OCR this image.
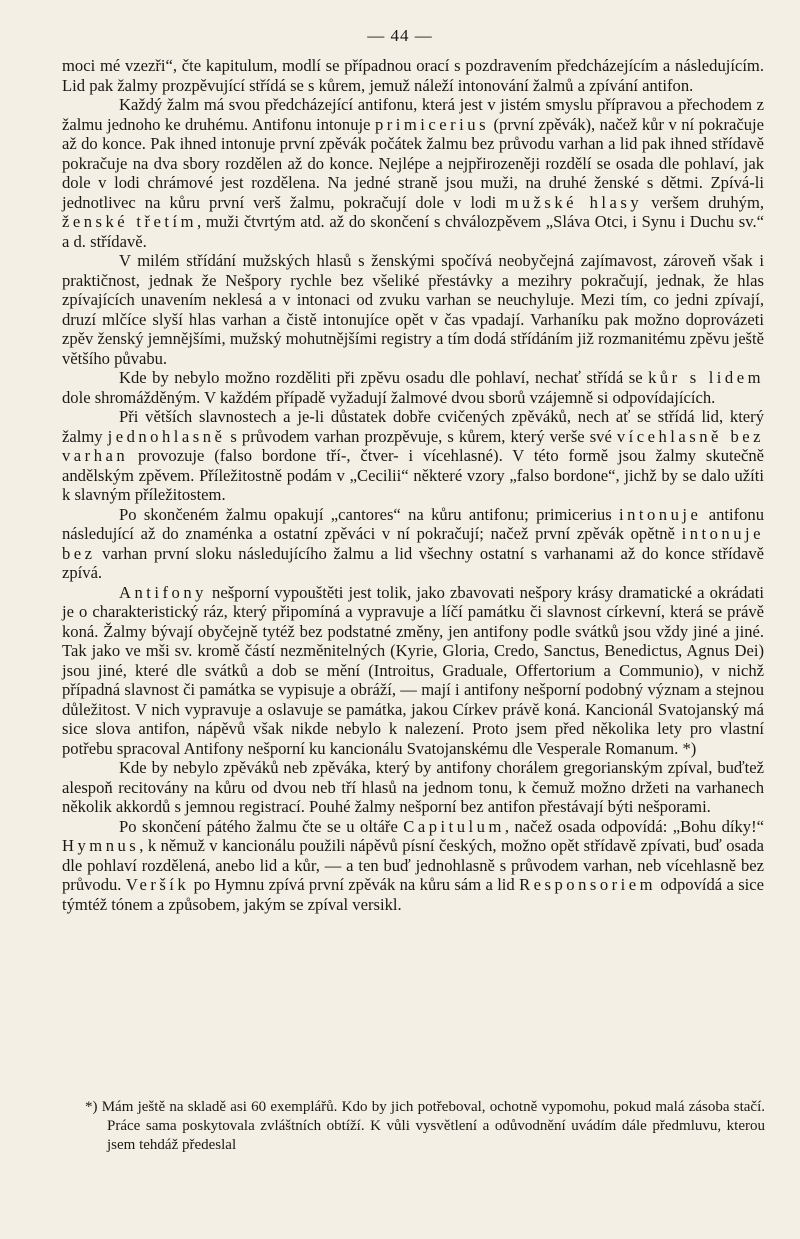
— 44 —

moci mé vzezři“, čte kapitulum, modlí se případnou orací s pozdravením předcházejícím a následujícím. Lid pak žalmy prozpěvující střídá se s kůrem, jemuž náleží intonování žalmů a zpívání antifon.

Každý žalm má svou předcházející antifonu, která jest v jistém smyslu přípravou a přechodem z žalmu jednoho ke druhému. Antifonu intonuje primicerius (první zpěvák), načež kůr v ní pokračuje až do konce. Pak ihned intonuje první zpěvák počátek žalmu bez průvodu varhan a lid pak ihned střídavě pokračuje na dva sbory rozdělen až do konce. Nejlépe a nejpřirozeněji rozdělí se osada dle pohlaví, jak dole v lodi chrámové jest rozdělena. Na jedné straně jsou muži, na druhé ženské s dětmi. Zpívá-li jednotlivec na kůru první verš žalmu, pokračují dole v lodi mužské hlasy veršem druhým, ženské třetím, muži čtvrtým atd. až do skončení s chválozpěvem „Sláva Otci, i Synu i Duchu sv.“ a d. střídavě.

V milém střídání mužských hlasů s ženskými spočívá neobyčejná zajímavost, zároveň však i praktičnost, jednak že Nešpory rychle bez všeliké přestávky a mezihry pokračují, jednak, že hlas zpívajících unavením neklesá a v intonaci od zvuku varhan se neuchyluje. Mezi tím, co jedni zpívají, druzí mlčíce slyší hlas varhan a čistě intonujíce opět v čas vpadají. Varhaníku pak možno doprovázeti zpěv ženský jemnějšími, mužský mohutnějšími registry a tím dodá střídáním již rozmanitému zpěvu ještě většího půvabu.

Kde by nebylo možno rozděliti při zpěvu osadu dle pohlaví, nechať střídá se kůr s lidem dole shromážděným. V každém případě vyžadují žalmové dvou sborů vzájemně si odpovídajících.

Při větších slavnostech a je-li důstatek dobře cvičených zpěváků, nech ať se střídá lid, který žalmy jednohlasně s průvodem varhan prozpěvuje, s kůrem, který verše své vícehlasně bez varhan provozuje (falso bordone tří-, čtver- i vícehlasné). V této formě jsou žalmy skutečně andělským zpěvem. Příležitostně podám v „Cecilii“ některé vzory „falso bordone“, jichž by se dalo užíti k slavným příležitostem.

Po skončeném žalmu opakují „cantores“ na kůru antifonu; primicerius intonuje antifonu následující až do znaménka a ostatní zpěváci v ní pokračují; načež první zpěvák opětně intonuje bez varhan první sloku následujícího žalmu a lid všechny ostatní s varhanami až do konce střídavě zpívá.

Antifony nešporní vypouštěti jest tolik, jako zbavovati nešpory krásy dramatické a okrádati je o charakteristický ráz, který připomíná a vypravuje a líčí památku či slavnost církevní, která se právě koná. Žalmy bývají obyčejně tytéž bez podstatné změny, jen antifony podle svátků jsou vždy jiné a jiné. Tak jako ve mši sv. kromě částí nezměnitelných (Kyrie, Gloria, Credo, Sanctus, Benedictus, Agnus Dei) jsou jiné, které dle svátků a dob se mění (Introitus, Graduale, Offertorium a Communio), v nichž případná slavnost či památka se vypisuje a obráží, — mají i antifony nešporní podobný význam a stejnou důležitost. V nich vypravuje a oslavuje se památka, jakou Církev právě koná. Kancionál Svatojanský má sice slova antifon, nápěvů však nikde nebylo k nalezení. Proto jsem před několika lety pro vlastní potřebu spracoval Antifony nešporní ku kancionálu Svatojanskému dle Vesperale Romanum. *)

Kde by nebylo zpěváků neb zpěváka, který by antifony chorálem gregorianským zpíval, buďtež alespoň recitovány na kůru od dvou neb tří hlasů na jednom tonu, k čemuž možno držeti na varhanech několik akkordů s jemnou registrací. Pouhé žalmy nešporní bez antifon přestávají býti nešporami.

Po skončení pátého žalmu čte se u oltáře Capitulum, načež osada odpovídá: „Bohu díky!“ Hymnus, k němuž v kancionálu použili nápěvů písní českých, možno opět střídavě zpívati, buď osada dle pohlaví rozdělená, anebo lid a kůr, — a ten buď jednohlasně s průvodem varhan, neb vícehlasně bez průvodu. Veršík po Hymnu zpívá první zpěvák na kůru sám a lid Responsoriem odpovídá a sice týmtéž tónem a způsobem, jakým se zpíval versikl.

*) Mám ještě na skladě asi 60 exemplářů. Kdo by jich potřeboval, ochotně vypomohu, pokud malá zásoba stačí. Práce sama poskytovala zvláštních obtíží. K vůli vysvětlení a odůvodnění uvádím dále předmluvu, kterou jsem tehdáž předeslal
